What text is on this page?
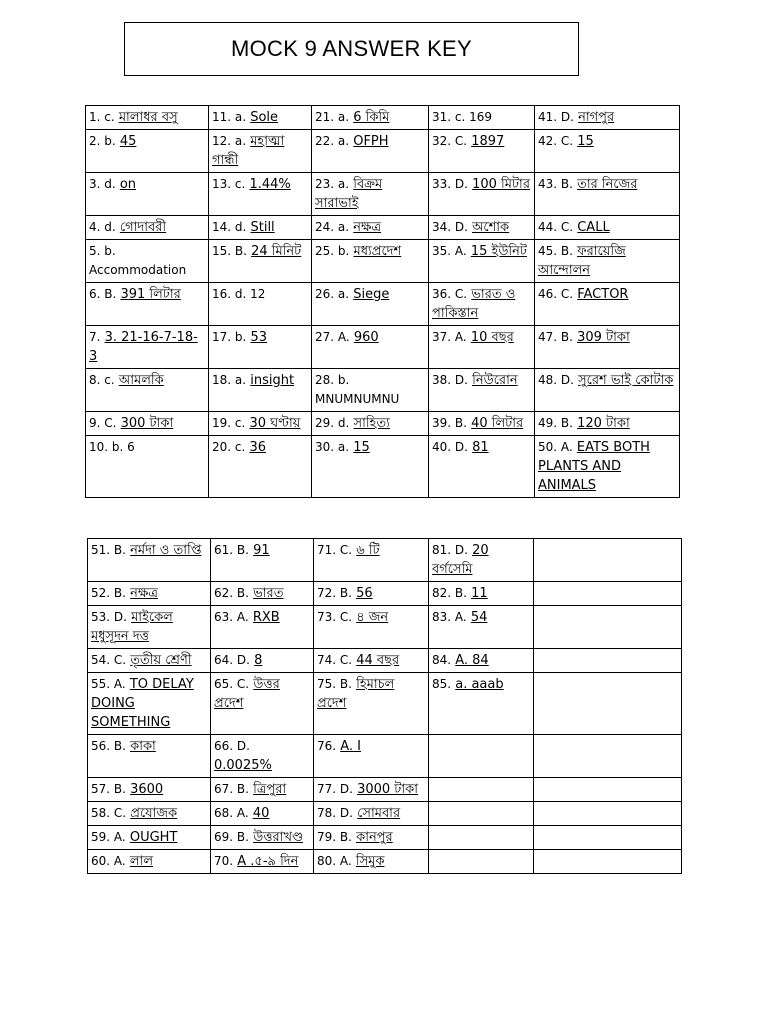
MOCK 9 ANSWER KEY
1. c. মালাধর বসু	11. a. Sole	21. a. 6 কিমি	31. c. 169	41. D. নাগপুর
2. b. 45	12. a. মহাত্মা গান্ধী	22. a. OFPH	32. C. 1897	42. C. 15
3. d. on	13. c. 1.44%	23. a. বিক্রম সারাভাই	33. D. 100 মিটার	43. B. তার নিজের
4. d. গোদাবরী	14. d. Still	24. a. নক্ষত্র	34. D. অশোক	44. C. CALL
5. b. Accommodation	15. B. 24 মিনিট	25. b. মধ্যপ্রদেশ	35. A. 15 ইউনিট	45. B. ফরায়েজি আন্দোলন
6. B. 391 লিটার	16. d. 12	26. a. Siege	36. C. ভারত ও পাকিস্তান	46. C. FACTOR
7. 3. 21-16-7-18-3	17. b. 53	27. A. 960	37. A. 10 বছর	47. B. 309 টাকা
8. c. আমলকি	18. a. insight	28. b. MNUMNUMNU	38. D. নিউরোন	48. D. সুরেশ ভাই কোটাক
9. C. 300 টাকা	19. c. 30 ঘণ্টায়	29. d. সাহিত্য	39. B. 40 লিটার	49. B. 120 টাকা
10. b. 6	20. c. 36	30. a. 15	40. D. 81	50. A. EATS BOTH PLANTS AND ANIMALS
51. B. নর্মদা ও তাপ্তি	61. B. 91	71. C. ৬ টি	81. D. 20 বর্গসেমি	
52. B. নক্ষত্র	62. B. ভারত	72. B. 56	82. B. 11	
53. D. মাইকেল মধুসূদন দত্ত	63. A. RXB	73. C. ৪ জন	83. A. 54	
54. C. তৃতীয় শ্রেণী	64. D. 8	74. C. 44 বছর	84. A. 84	
55. A. TO DELAY DOING SOMETHING	65. C. উত্তর প্রদেশ	75. B. হিমাচল প্রদেশ	85. a. aaab	
56. B. কাকা	66. D. 0.0025%	76. A. I		
57. B. 3600	67. B. ত্রিপুরা	77. D. 3000 টাকা		
58. C. প্রযোজক	68. A. 40	78. D. সোমবার		
59. A. OUGHT	69. B. উত্তরাখণ্ড	79. B. কানপুর		
60. A. লাল	70. A .৫-৯ দিন	80. A. সিমুক		
